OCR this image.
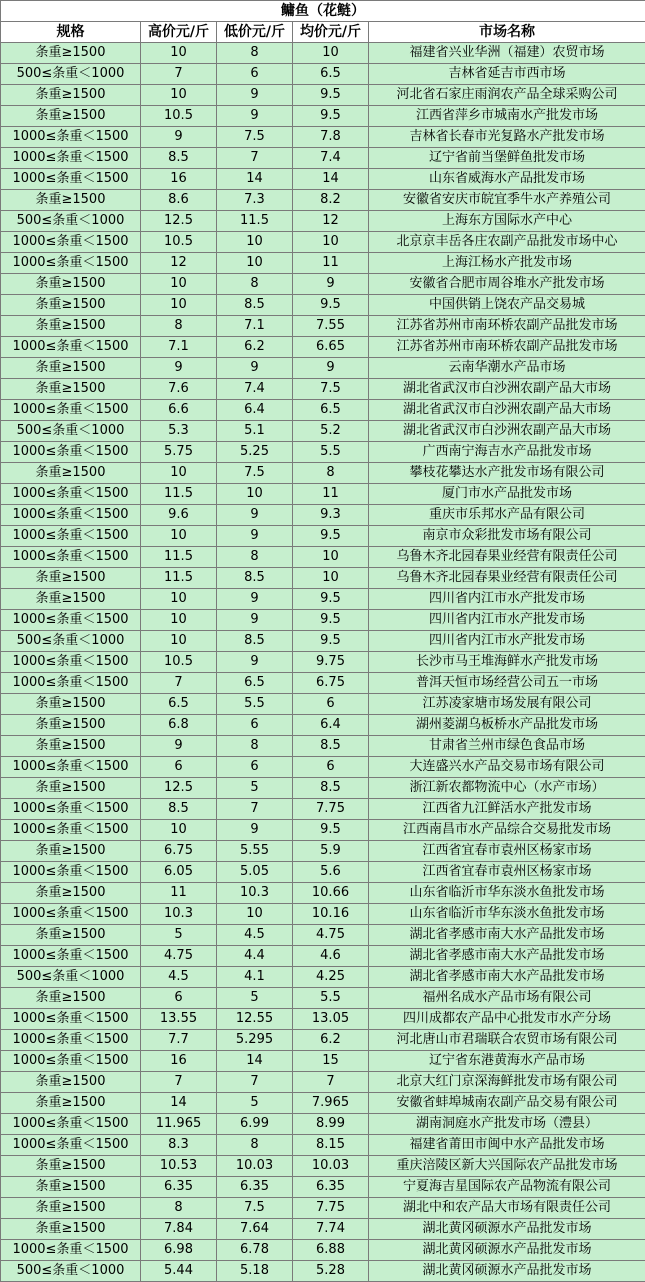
鳙鱼（花鲢）				
规格	高价元/斤	低价元/斤	均价元/斤	市场名称
条重≥1500	10	8	10	福建省兴业华洲（福建）农贸市场
500≤条重＜1000	7	6	6.5	吉林省延吉市西市场
条重≥1500	10	9	9.5	河北省石家庄雨润农产品全球采购公司
条重≥1500	10.5	9	9.5	江西省萍乡市城南水产批发市场
1000≤条重＜1500	9	7.5	7.8	吉林省长春市光复路水产批发市场
1000≤条重＜1500	8.5	7	7.4	辽宁省前当堡鲜鱼批发市场
1000≤条重＜1500	16	14	14	山东省威海水产品批发市场
条重≥1500	8.6	7.3	8.2	安徽省安庆市皖宜季牛水产养殖公司
500≤条重＜1000	12.5	11.5	12	上海东方国际水产中心
1000≤条重＜1500	10.5	10	10	北京京丰岳各庄农副产品批发市场中心
1000≤条重＜1500	12	10	11	上海江杨水产批发市场
条重≥1500	10	8	9	安徽省合肥市周谷堆水产批发市场
条重≥1500	10	8.5	9.5	中国供销上饶农产品交易城
条重≥1500	8	7.1	7.55	江苏省苏州市南环桥农副产品批发市场
1000≤条重＜1500	7.1	6.2	6.65	江苏省苏州市南环桥农副产品批发市场
条重≥1500	9	9	9	云南华潮水产品市场
条重≥1500	7.6	7.4	7.5	湖北省武汉市白沙洲农副产品大市场
1000≤条重＜1500	6.6	6.4	6.5	湖北省武汉市白沙洲农副产品大市场
500≤条重＜1000	5.3	5.1	5.2	湖北省武汉市白沙洲农副产品大市场
1000≤条重＜1500	5.75	5.25	5.5	广西南宁海吉水产品批发市场
条重≥1500	10	7.5	8	攀枝花攀达水产批发市场有限公司
1000≤条重＜1500	11.5	10	11	厦门市水产品批发市场
1000≤条重＜1500	9.6	9	9.3	重庆市乐邦水产品有限公司
1000≤条重＜1500	10	9	9.5	南京市众彩批发市场有限公司
1000≤条重＜1500	11.5	8	10	乌鲁木齐北园春果业经营有限责任公司
条重≥1500	11.5	8.5	10	乌鲁木齐北园春果业经营有限责任公司
条重≥1500	10	9	9.5	四川省内江市水产批发市场
1000≤条重＜1500	10	9	9.5	四川省内江市水产批发市场
500≤条重＜1000	10	8.5	9.5	四川省内江市水产批发市场
1000≤条重＜1500	10.5	9	9.75	长沙市马王堆海鲜水产批发市场
1000≤条重＜1500	7	6.5	6.75	普洱天恒市场经营公司五一市场
条重≥1500	6.5	5.5	6	江苏凌家塘市场发展有限公司
条重≥1500	6.8	6	6.4	湖州菱湖乌板桥水产品批发市场
条重≥1500	9	8	8.5	甘肃省兰州市绿色食品市场
1000≤条重＜1500	6	6	6	大连盛兴水产品交易市场有限公司
条重≥1500	12.5	5	8.5	浙江新农都物流中心（水产市场）
1000≤条重＜1500	8.5	7	7.75	江西省九江鲜活水产批发市场
1000≤条重＜1500	10	9	9.5	江西南昌市水产品综合交易批发市场
条重≥1500	6.75	5.55	5.9	江西省宜春市袁州区杨家市场
1000≤条重＜1500	6.05	5.05	5.6	江西省宜春市袁州区杨家市场
条重≥1500	11	10.3	10.66	山东省临沂市华东淡水鱼批发市场
1000≤条重＜1500	10.3	10	10.16	山东省临沂市华东淡水鱼批发市场
条重≥1500	5	4.5	4.75	湖北省孝感市南大水产品批发市场
1000≤条重＜1500	4.75	4.4	4.6	湖北省孝感市南大水产品批发市场
500≤条重＜1000	4.5	4.1	4.25	湖北省孝感市南大水产品批发市场
条重≥1500	6	5	5.5	福州名成水产品市场有限公司
1000≤条重＜1500	13.55	12.55	13.05	四川成都农产品中心批发市水产分场
1000≤条重＜1500	7.7	5.295	6.2	河北唐山市君瑞联合农贸市场有限公司
1000≤条重＜1500	16	14	15	辽宁省东港黄海水产品市场
条重≥1500	7	7	7	北京大红门京深海鲜批发市场有限公司
条重≥1500	14	5	7.965	安徽省蚌埠城南农副产品交易有限公司
1000≤条重＜1500	11.965	6.99	8.99	湖南洞庭水产批发市场（澧县）
1000≤条重＜1500	8.3	8	8.15	福建省莆田市闽中水产品批发市场
条重≥1500	10.53	10.03	10.03	重庆涪陵区新大兴国际农产品批发市场
条重≥1500	6.35	6.35	6.35	宁夏海吉星国际农产品物流有限公司
条重≥1500	8	7.5	7.75	湖北中和农产品大市场有限责任公司
条重≥1500	7.84	7.64	7.74	湖北黄冈硕源水产品批发市场
1000≤条重＜1500	6.98	6.78	6.88	湖北黄冈硕源水产品批发市场
500≤条重＜1000	5.44	5.18	5.28	湖北黄冈硕源水产品批发市场
